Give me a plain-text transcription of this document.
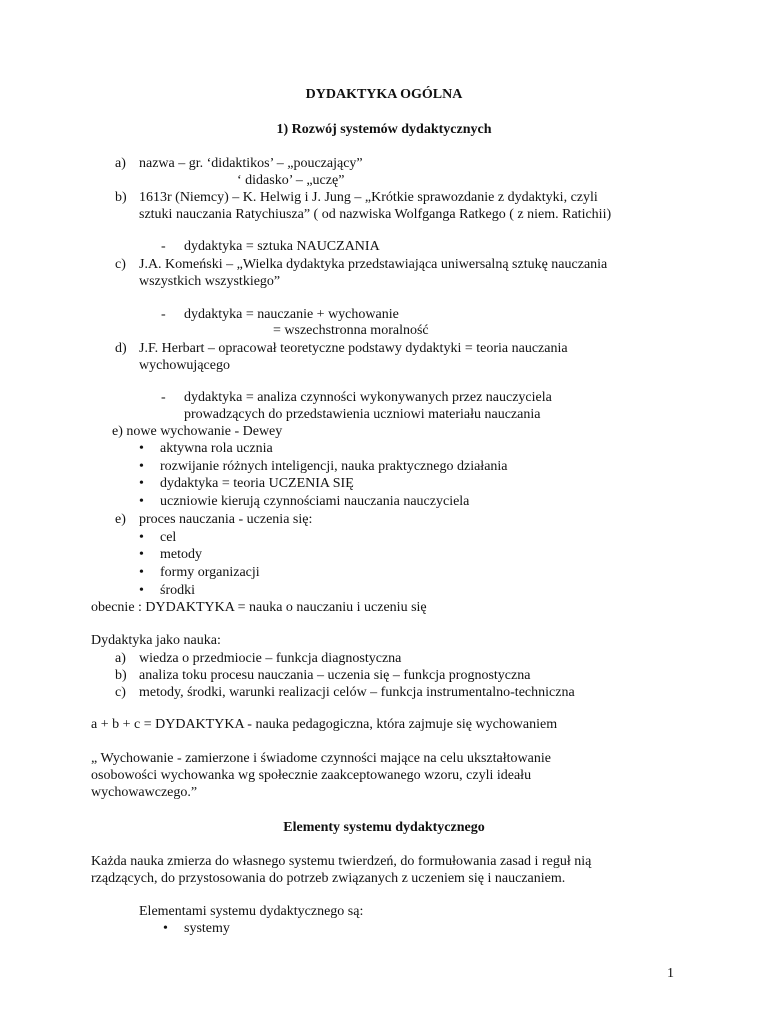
DYDAKTYKA OGÓLNA
1) Rozwój systemów dydaktycznych
a) nazwa – gr. ‘didaktikos’ – „pouczający”
‘ didasko’ – „uczę”
b) 1613r (Niemcy) – K. Helwig i J. Jung – „Krótkie sprawozdanie z dydaktyki, czyli
sztuki nauczania Ratychiusza” ( od nazwiska Wolfganga Ratkego ( z niem. Ratichii)
- dydaktyka = sztuka NAUCZANIA
c) J.A. Komeński – „Wielka dydaktyka przedstawiająca uniwersalną sztukę nauczania
wszystkich wszystkiego”
- dydaktyka = nauczanie + wychowanie
= wszechstronna moralność
d) J.F. Herbart – opracował teoretyczne podstawy dydaktyki = teoria nauczania
wychowującego
- dydaktyka = analiza czynności wykonywanych przez nauczyciela
prowadzących do przedstawienia uczniowi materiału nauczania
e) nowe wychowanie - Dewey
• aktywna rola ucznia
• rozwijanie różnych inteligencji, nauka praktycznego działania
• dydaktyka = teoria UCZENIA SIĘ
• uczniowie kierują czynnościami nauczania nauczyciela
e) proces nauczania - uczenia się:
• cel
• metody
• formy organizacji
• środki
obecnie : DYDAKTYKA = nauka o nauczaniu i uczeniu się
Dydaktyka jako nauka:
a) wiedza o przedmiocie – funkcja diagnostyczna
b) analiza toku procesu nauczania – uczenia się – funkcja prognostyczna
c) metody, środki, warunki realizacji celów – funkcja instrumentalno-techniczna
a + b + c = DYDAKTYKA - nauka pedagogiczna, która zajmuje się wychowaniem
„ Wychowanie - zamierzone i świadome czynności mające na celu ukształtowanie
osobowości wychowanka wg społecznie zaakceptowanego wzoru, czyli ideału
wychowawczego.”
Elementy systemu dydaktycznego
Każda nauka zmierza do własnego systemu twierdzeń, do formułowania zasad i reguł nią
rządzących, do przystosowania do potrzeb związanych z uczeniem się i nauczaniem.
Elementami systemu dydaktycznego są:
• systemy
1
